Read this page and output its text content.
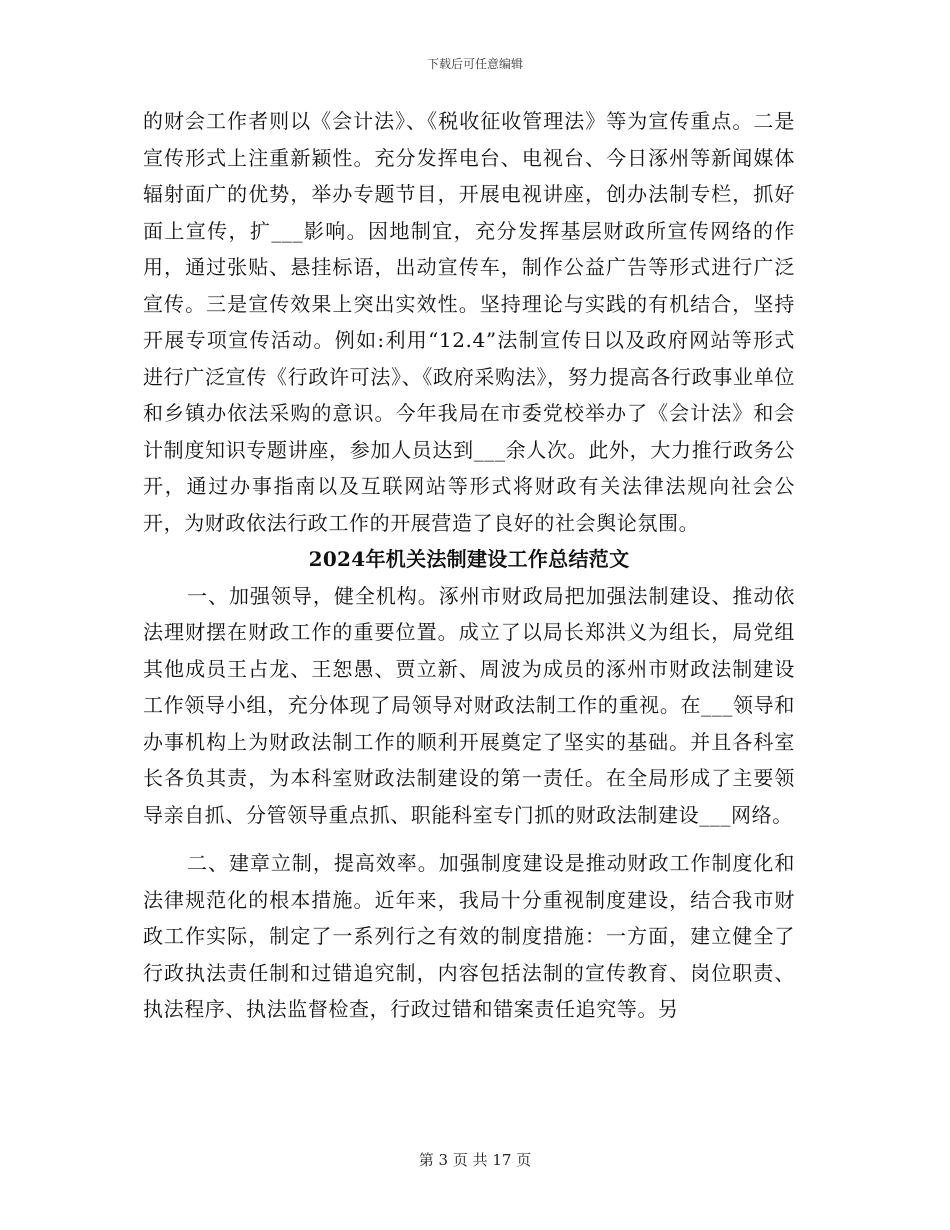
下载后可任意编辑

的财会工作者则以《会计法》、《税收征收管理法》等为宣传重点。二是宣传形式上注重新颖性。充分发挥电台、电视台、今日涿州等新闻媒体辐射面广的优势，举办专题节目，开展电视讲座，创办法制专栏，抓好面上宣传，扩___影响。因地制宜，充分发挥基层财政所宣传网络的作用，通过张贴、悬挂标语，出动宣传车，制作公益广告等形式进行广泛宣传。三是宣传效果上突出实效性。坚持理论与实践的有机结合，坚持开展专项宣传活动。例如:利用“12.4”法制宣传日以及政府网站等形式进行广泛宣传《行政许可法》、《政府采购法》，努力提高各行政事业单位和乡镇办依法采购的意识。今年我局在市委党校举办了《会计法》和会计制度知识专题讲座，参加人员达到___余人次。此外，大力推行政务公开，通过办事指南以及互联网站等形式将财政有关法律法规向社会公开，为财政依法行政工作的开展营造了良好的社会舆论氛围。

2024年机关法制建设工作总结范文

一、加强领导，健全机构。涿州市财政局把加强法制建设、推动依法理财摆在财政工作的重要位置。成立了以局长郑洪义为组长，局党组其他成员王占龙、王恕愚、贾立新、周波为成员的涿州市财政法制建设工作领导小组，充分体现了局领导对财政法制工作的重视。在___领导和办事机构上为财政法制工作的顺利开展奠定了坚实的基础。并且各科室长各负其责，为本科室财政法制建设的第一责任。在全局形成了主要领导亲自抓、分管领导重点抓、职能科室专门抓的财政法制建设___网络。

二、建章立制，提高效率。加强制度建设是推动财政工作制度化和法律规范化的根本措施。近年来，我局十分重视制度建设，结合我市财政工作实际，制定了一系列行之有效的制度措施：一方面，建立健全了行政执法责任制和过错追究制，内容包括法制的宣传教育、岗位职责、执法程序、执法监督检查，行政过错和错案责任追究等。另

第 3 页 共 17 页
